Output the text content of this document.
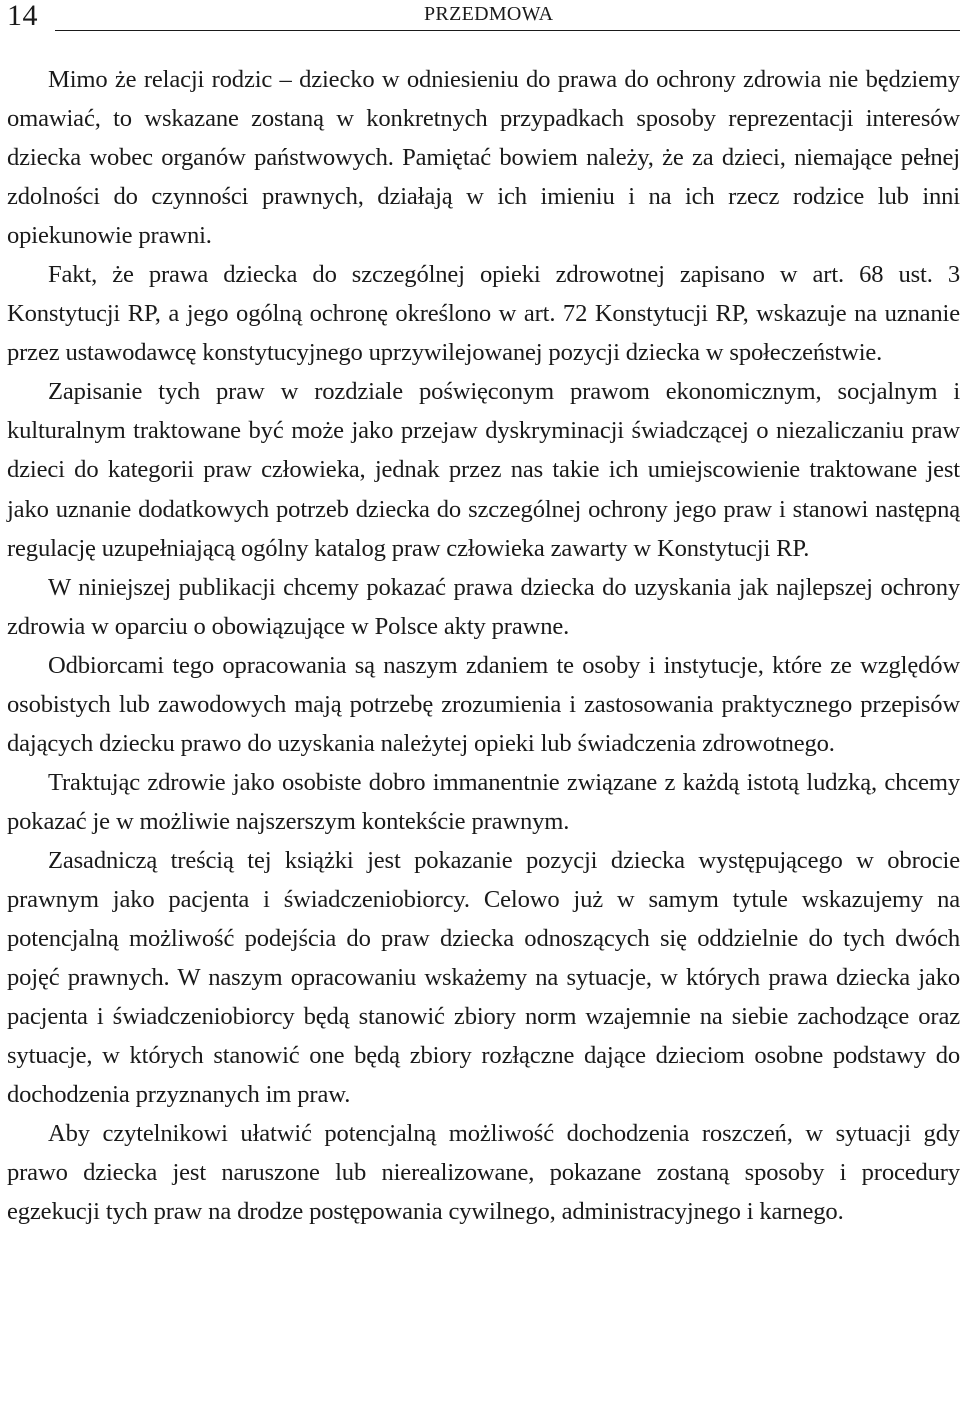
14	PRZEDMOWA

Mimo że relacji rodzic – dziecko w odniesieniu do prawa do ochrony zdrowia nie będziemy omawiać, to wskazane zostaną w konkretnych przypadkach sposoby reprezentacji interesów dziecka wobec organów państwowych. Pamiętać bowiem należy, że za dzieci, niemające pełnej zdolności do czynności prawnych, działają w ich imieniu i na ich rzecz rodzice lub inni opiekunowie prawni.

Fakt, że prawa dziecka do szczególnej opieki zdrowotnej zapisano w art. 68 ust. 3 Konstytucji RP, a jego ogólną ochronę określono w art. 72 Konstytucji RP, wskazuje na uznanie przez ustawodawcę konstytucyjnego uprzywilejowanej pozycji dziecka w społeczeństwie.

Zapisanie tych praw w rozdziale poświęconym prawom ekonomicznym, socjalnym i kulturalnym traktowane być może jako przejaw dyskryminacji świadczącej o niezaliczaniu praw dzieci do kategorii praw człowieka, jednak przez nas takie ich umiejscowienie traktowane jest jako uznanie dodatkowych potrzeb dziecka do szczególnej ochrony jego praw i stanowi następną regulację uzupełniającą ogólny katalog praw człowieka zawarty w Konstytucji RP.

W niniejszej publikacji chcemy pokazać prawa dziecka do uzyskania jak najlepszej ochrony zdrowia w oparciu o obowiązujące w Polsce akty prawne.

Odbiorcami tego opracowania są naszym zdaniem te osoby i instytucje, które ze względów osobistych lub zawodowych mają potrzebę zrozumienia i zastosowania praktycznego przepisów dających dziecku prawo do uzyskania należytej opieki lub świadczenia zdrowotnego.

Traktując zdrowie jako osobiste dobro immanentnie związane z każdą istotą ludzką, chcemy pokazać je w możliwie najszerszym kontekście prawnym.

Zasadniczą treścią tej książki jest pokazanie pozycji dziecka występującego w obrocie prawnym jako pacjenta i świadczeniobiorcy. Celowo już w samym tytule wskazujemy na potencjalną możliwość podejścia do praw dziecka odnoszących się oddzielnie do tych dwóch pojęć prawnych. W naszym opracowaniu wskażemy na sytuacje, w których prawa dziecka jako pacjenta i świadczeniobiorcy będą stanowić zbiory norm wzajemnie na siebie zachodzące oraz sytuacje, w których stanowić one będą zbiory rozłączne dające dzieciom osobne podstawy do dochodzenia przyznanych im praw.

Aby czytelnikowi ułatwić potencjalną możliwość dochodzenia roszczeń, w sytuacji gdy prawo dziecka jest naruszone lub nierealizowane, pokazane zostaną sposoby i procedury egzekucji tych praw na drodze postępowania cywilnego, administracyjnego i karnego.
